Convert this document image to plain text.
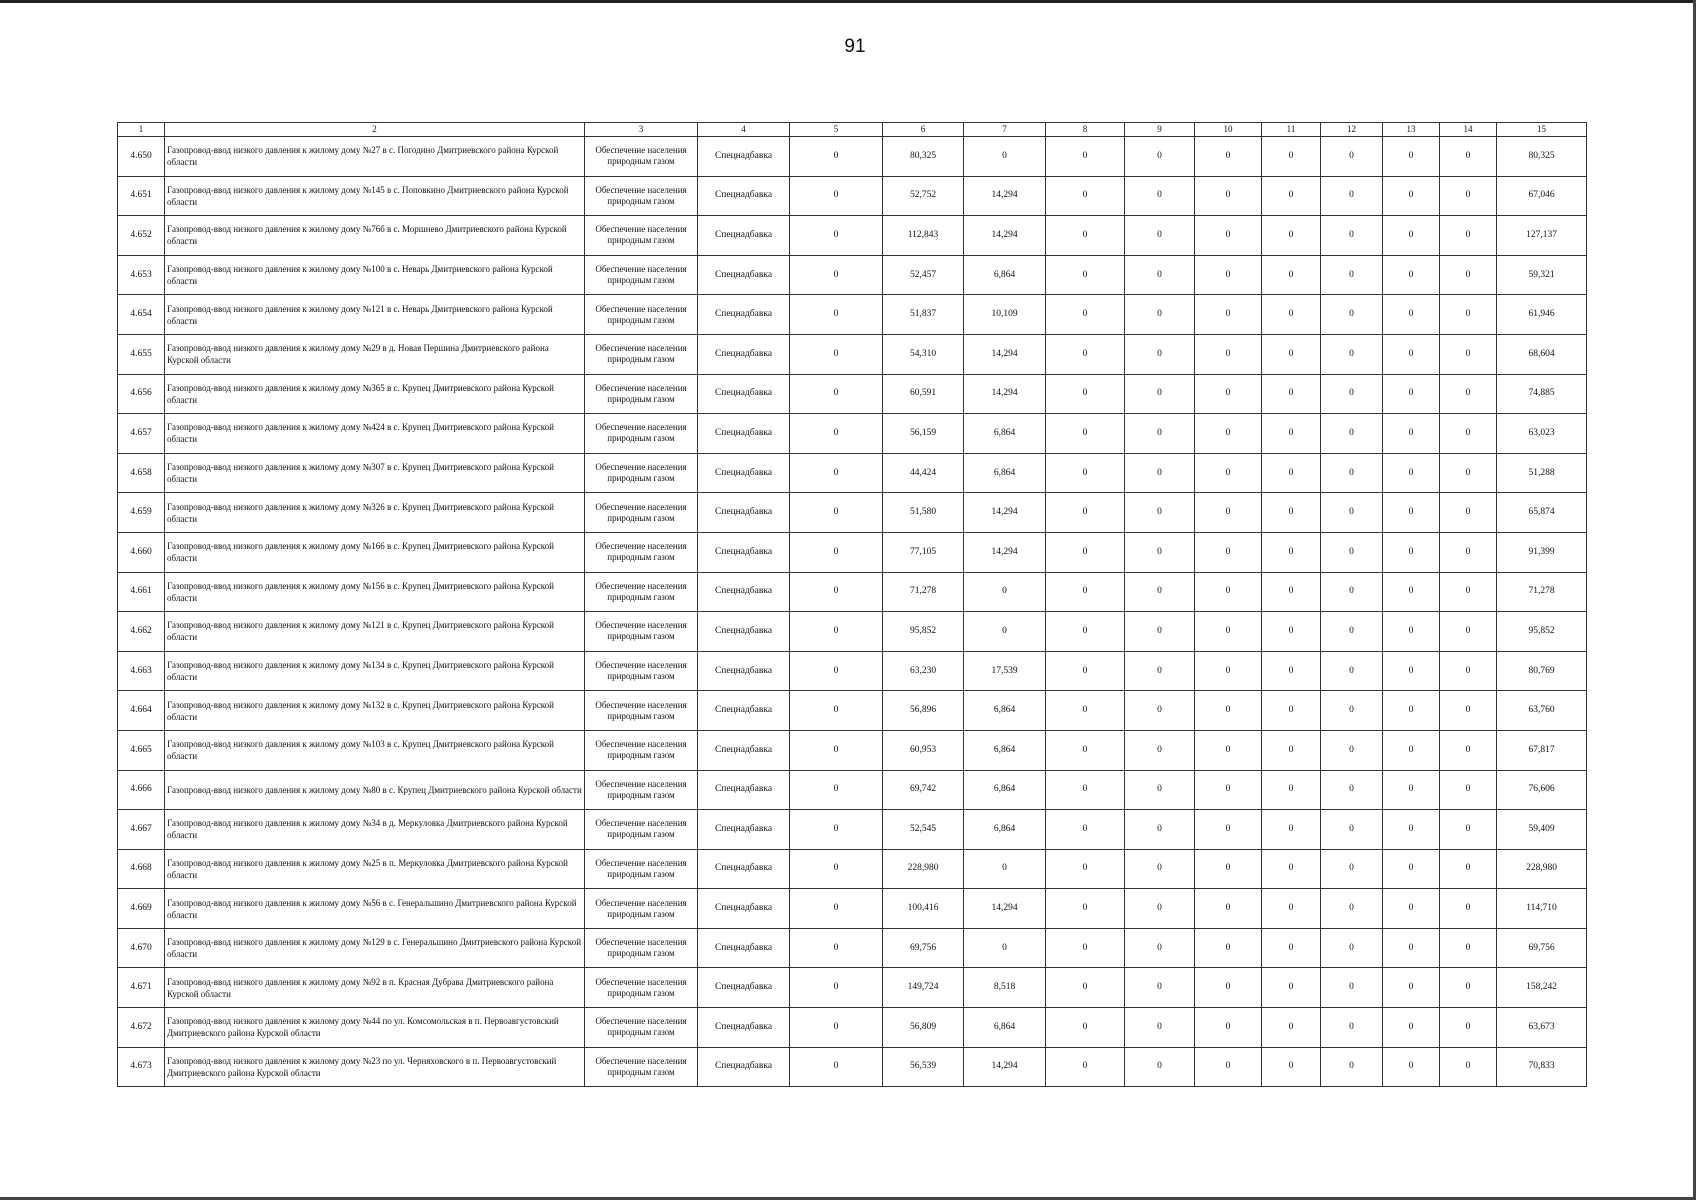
91
1	2	3	4	5	6	7	8	9	10	11	12	13	14	15
4.650	Газопровод-ввод низкого давления к жилому дому №27 в с. Погодино Дмитриевского района Курской области	Обеспечение населения природным газом	Спецнадбавка	0	80,325	0	0	0	0	0	0	0	0	80,325
4.651	Газопровод-ввод низкого давления к жилому дому №145 в с. Поповкино Дмитриевского района Курской области	Обеспечение населения природным газом	Спецнадбавка	0	52,752	14,294	0	0	0	0	0	0	0	67,046
4.652	Газопровод-ввод низкого давления к жилому дому №76б в с. Моршнево Дмитриевского района Курской области	Обеспечение населения природным газом	Спецнадбавка	0	112,843	14,294	0	0	0	0	0	0	0	127,137
4.653	Газопровод-ввод низкого давления к жилому дому №100 в с. Неварь Дмитриевского района Курской области	Обеспечение населения природным газом	Спецнадбавка	0	52,457	6,864	0	0	0	0	0	0	0	59,321
4.654	Газопровод-ввод низкого давления к жилому дому №121 в с. Неварь Дмитриевского района Курской области	Обеспечение населения природным газом	Спецнадбавка	0	51,837	10,109	0	0	0	0	0	0	0	61,946
4.655	Газопровод-ввод низкого давления к жилому дому №29 в д. Новая Першина Дмитриевского района Курской области	Обеспечение населения природным газом	Спецнадбавка	0	54,310	14,294	0	0	0	0	0	0	0	68,604
4.656	Газопровод-ввод низкого давления к жилому дому №365 в с. Крупец Дмитриевского района Курской области	Обеспечение населения природным газом	Спецнадбавка	0	60,591	14,294	0	0	0	0	0	0	0	74,885
4.657	Газопровод-ввод низкого давления к жилому дому №424 в с. Крупец Дмитриевского района Курской области	Обеспечение населения природным газом	Спецнадбавка	0	56,159	6,864	0	0	0	0	0	0	0	63,023
4.658	Газопровод-ввод низкого давления к жилому дому №307 в с. Крупец Дмитриевского района Курской области	Обеспечение населения природным газом	Спецнадбавка	0	44,424	6,864	0	0	0	0	0	0	0	51,288
4.659	Газопровод-ввод низкого давления к жилому дому №326 в с. Крупец Дмитриевского района Курской области	Обеспечение населения природным газом	Спецнадбавка	0	51,580	14,294	0	0	0	0	0	0	0	65,874
4.660	Газопровод-ввод низкого давления к жилому дому №166 в с. Крупец Дмитриевского района Курской области	Обеспечение населения природным газом	Спецнадбавка	0	77,105	14,294	0	0	0	0	0	0	0	91,399
4.661	Газопровод-ввод низкого давления к жилому дому №156 в с. Крупец Дмитриевского района Курской области	Обеспечение населения природным газом	Спецнадбавка	0	71,278	0	0	0	0	0	0	0	0	71,278
4.662	Газопровод-ввод низкого давления к жилому дому №121 в с. Крупец Дмитриевского района Курской области	Обеспечение населения природным газом	Спецнадбавка	0	95,852	0	0	0	0	0	0	0	0	95,852
4.663	Газопровод-ввод низкого давления к жилому дому №134 в с. Крупец Дмитриевского района Курской области	Обеспечение населения природным газом	Спецнадбавка	0	63,230	17,539	0	0	0	0	0	0	0	80,769
4.664	Газопровод-ввод низкого давления к жилому дому №132 в с. Крупец Дмитриевского района Курской области	Обеспечение населения природным газом	Спецнадбавка	0	56,896	6,864	0	0	0	0	0	0	0	63,760
4.665	Газопровод-ввод низкого давления к жилому дому №103 в с. Крупец Дмитриевского района Курской области	Обеспечение населения природным газом	Спецнадбавка	0	60,953	6,864	0	0	0	0	0	0	0	67,817
4.666	Газопровод-ввод низкого давления к жилому дому №80 в с. Крупец Дмитриевского района Курской области	Обеспечение населения природным газом	Спецнадбавка	0	69,742	6,864	0	0	0	0	0	0	0	76,606
4.667	Газопровод-ввод низкого давления к жилому дому №34 в д. Меркуловка Дмитриевского района Курской области	Обеспечение населения природным газом	Спецнадбавка	0	52,545	6,864	0	0	0	0	0	0	0	59,409
4.668	Газопровод-ввод низкого давления к жилому дому №25 в п. Меркуловка Дмитриевского района Курской области	Обеспечение населения природным газом	Спецнадбавка	0	228,980	0	0	0	0	0	0	0	0	228,980
4.669	Газопровод-ввод низкого давления к жилому дому №56 в с. Генеральшино Дмитриевского района Курской области	Обеспечение населения природным газом	Спецнадбавка	0	100,416	14,294	0	0	0	0	0	0	0	114,710
4.670	Газопровод-ввод низкого давления к жилому дому №129 в с. Генеральшино Дмитриевского района Курской области	Обеспечение населения природным газом	Спецнадбавка	0	69,756	0	0	0	0	0	0	0	0	69,756
4.671	Газопровод-ввод низкого давления к жилому дому №92 в п. Красная Дубрава Дмитриевского района Курской области	Обеспечение населения природным газом	Спецнадбавка	0	149,724	8,518	0	0	0	0	0	0	0	158,242
4.672	Газопровод-ввод низкого давления к жилому дому №44 по ул. Комсомольская в п. Первоавгустовский Дмитриевского района Курской области	Обеспечение населения природным газом	Спецнадбавка	0	56,809	6,864	0	0	0	0	0	0	0	63,673
4.673	Газопровод-ввод низкого давления к жилому дому №23 по ул. Черняховского в п. Первоавгустовский Дмитриевского района Курской области	Обеспечение населения природным газом	Спецнадбавка	0	56,539	14,294	0	0	0	0	0	0	0	70,833
